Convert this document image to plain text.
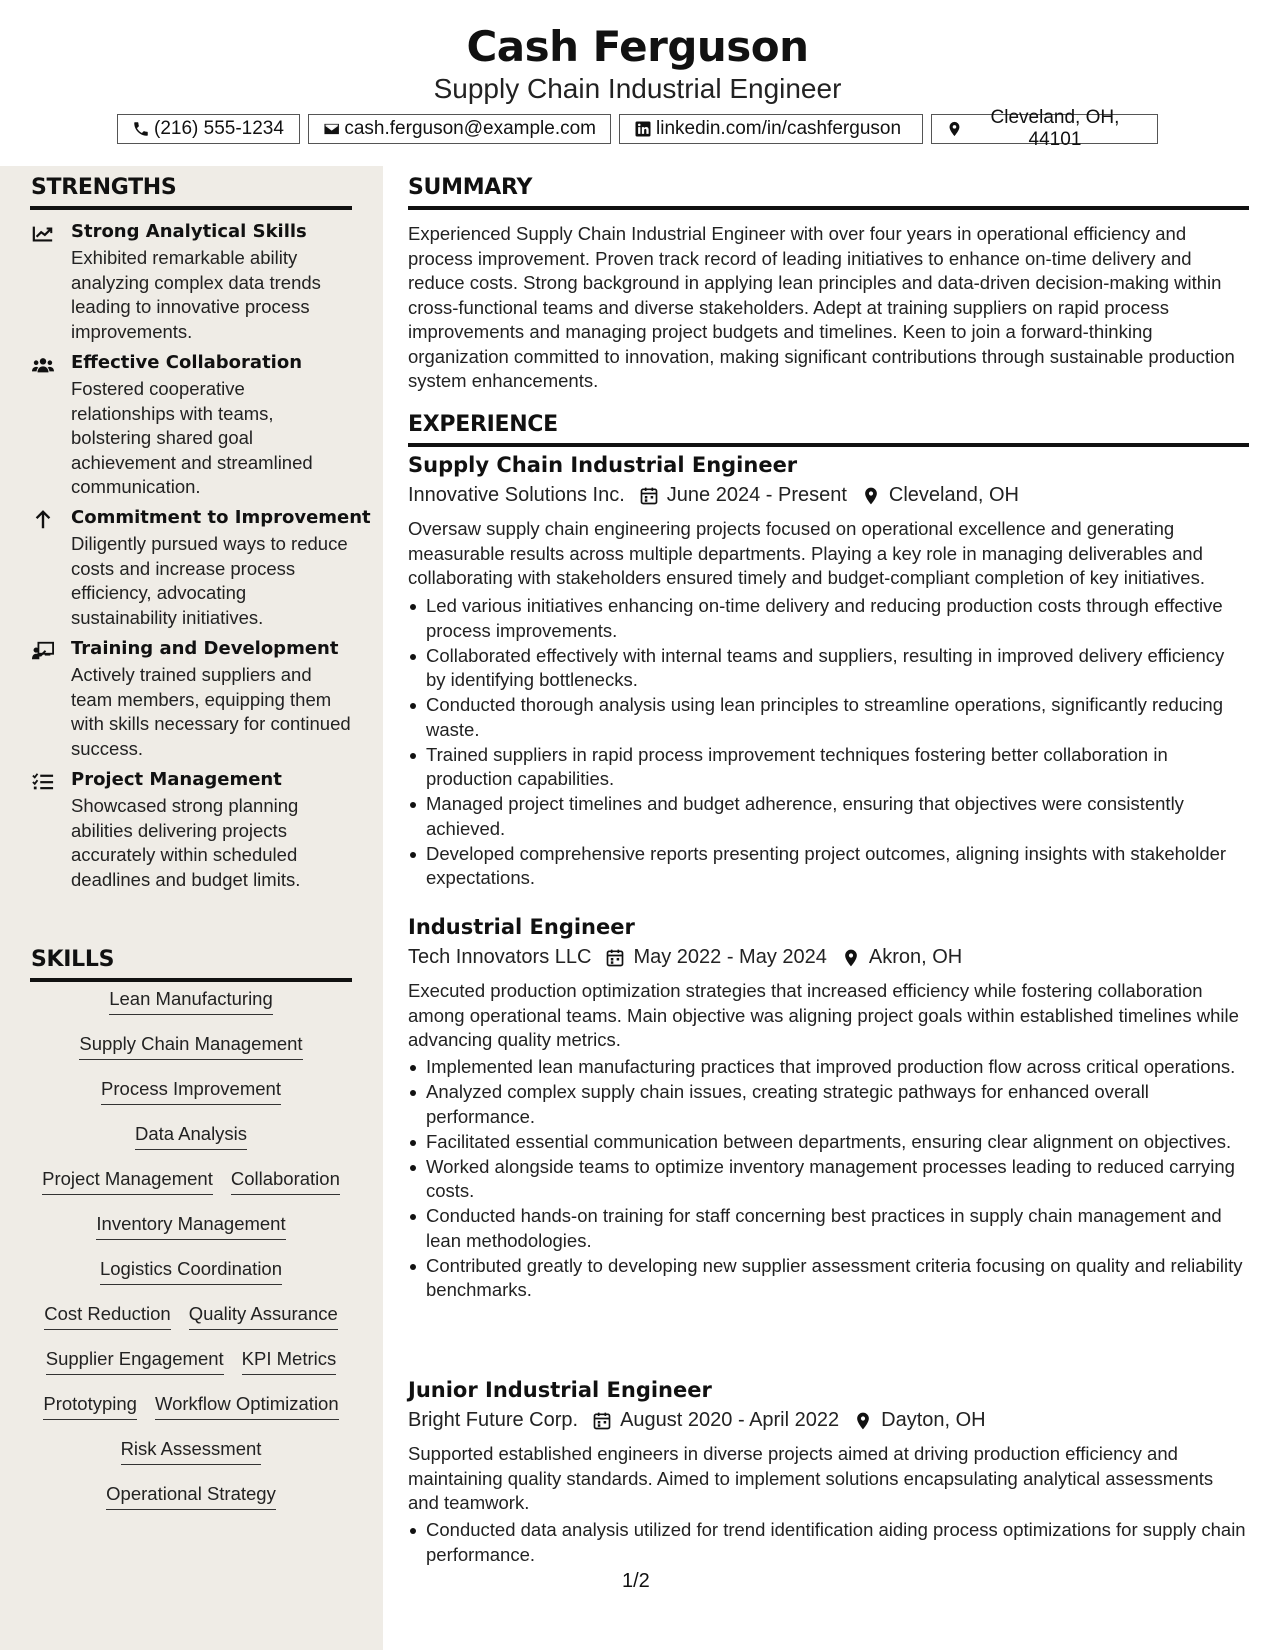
Cash Ferguson
Supply Chain Industrial Engineer
(216) 555-1234	cash.ferguson@example.com	linkedin.com/in/cashferguson
Cleveland, OH, 44101
STRENGTHS
Strong Analytical Skills
Exhibited remarkable ability analyzing complex data trends leading to innovative process improvements.
Effective Collaboration
Fostered cooperative relationships with teams, bolstering shared goal achievement and streamlined communication.
Commitment to Improvement
Diligently pursued ways to reduce costs and increase process efficiency, advocating sustainability initiatives.
Training and Development
Actively trained suppliers and team members, equipping them with skills necessary for continued success.
Project Management
Showcased strong planning abilities delivering projects accurately within scheduled deadlines and budget limits.
SKILLS
Lean Manufacturing
Supply Chain Management
Process Improvement
Data Analysis
Project Management Collaboration
Inventory Management
Logistics Coordination
Cost Reduction Quality Assurance
Supplier Engagement KPI Metrics
Prototyping Workflow Optimization
Risk Assessment
Operational Strategy
SUMMARY
Experienced Supply Chain Industrial Engineer with over four years in operational efficiency and process improvement. Proven track record of leading initiatives to enhance on-time delivery and reduce costs. Strong background in applying lean principles and data-driven decision-making within cross-functional teams and diverse stakeholders. Adept at training suppliers on rapid process improvements and managing project budgets and timelines. Keen to join a forward-thinking organization committed to innovation, making significant contributions through sustainable production system enhancements.
EXPERIENCE
Supply Chain Industrial Engineer
Innovative Solutions Inc. June 2024 - Present Cleveland, OH
Oversaw supply chain engineering projects focused on operational excellence and generating measurable results across multiple departments. Playing a key role in managing deliverables and collaborating with stakeholders ensured timely and budget-compliant completion of key initiatives.
Led various initiatives enhancing on-time delivery and reducing production costs through effective process improvements.
Collaborated effectively with internal teams and suppliers, resulting in improved delivery efficiency by identifying bottlenecks.
Conducted thorough analysis using lean principles to streamline operations, significantly reducing waste.
Trained suppliers in rapid process improvement techniques fostering better collaboration in production capabilities.
Managed project timelines and budget adherence, ensuring that objectives were consistently achieved.
Developed comprehensive reports presenting project outcomes, aligning insights with stakeholder expectations.
Industrial Engineer
Tech Innovators LLC May 2022 - May 2024 Akron, OH
Executed production optimization strategies that increased efficiency while fostering collaboration among operational teams. Main objective was aligning project goals within established timelines while advancing quality metrics.
Implemented lean manufacturing practices that improved production flow across critical operations.
Analyzed complex supply chain issues, creating strategic pathways for enhanced overall performance.
Facilitated essential communication between departments, ensuring clear alignment on objectives.
Worked alongside teams to optimize inventory management processes leading to reduced carrying costs.
Conducted hands-on training for staff concerning best practices in supply chain management and lean methodologies.
Contributed greatly to developing new supplier assessment criteria focusing on quality and reliability benchmarks.
Junior Industrial Engineer
Bright Future Corp. August 2020 - April 2022 Dayton, OH
Supported established engineers in diverse projects aimed at driving production efficiency and maintaining quality standards. Aimed to implement solutions encapsulating analytical assessments and teamwork.
Conducted data analysis utilized for trend identification aiding process optimizations for supply chain performance.
1/2
